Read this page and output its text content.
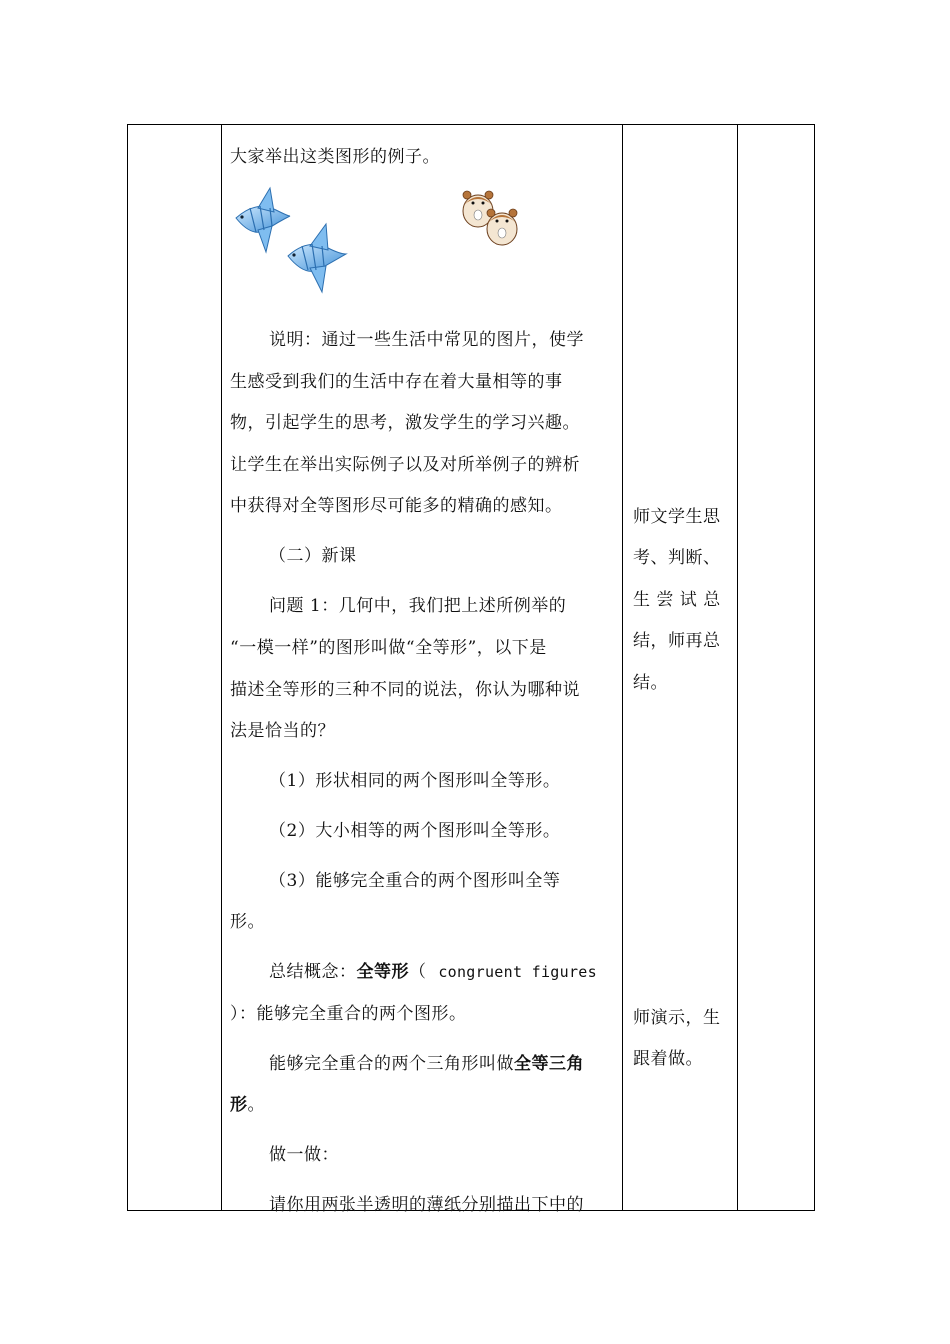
大家举出这类图形的例子。
说明：通过一些生活中常见的图片，使学
生感受到我们的生活中存在着大量相等的事
物，引起学生的思考，激发学生的学习兴趣。
让学生在举出实际例子以及对所举例子的辨析
中获得对全等图形尽可能多的精确的感知。
（二）新课
问题 1：几何中，我们把上述所例举的
“一模一样”的图形叫做“全等形”，以下是
描述全等形的三种不同的说法，你认为哪种说
法是恰当的？
（1）形状相同的两个图形叫全等形。
（2）大小相等的两个图形叫全等形。
（3）能够完全重合的两个图形叫全等
形。
总结概念：全等形（ congruent figures
）：能够完全重合的两个图形。
能够完全重合的两个三角形叫做全等三角
形。
做一做：
请你用两张半透明的薄纸分别描出下中的
师文学生思
考、判断、
生 尝 试 总
结，师再总
结。
师演示，生
跟着做。
